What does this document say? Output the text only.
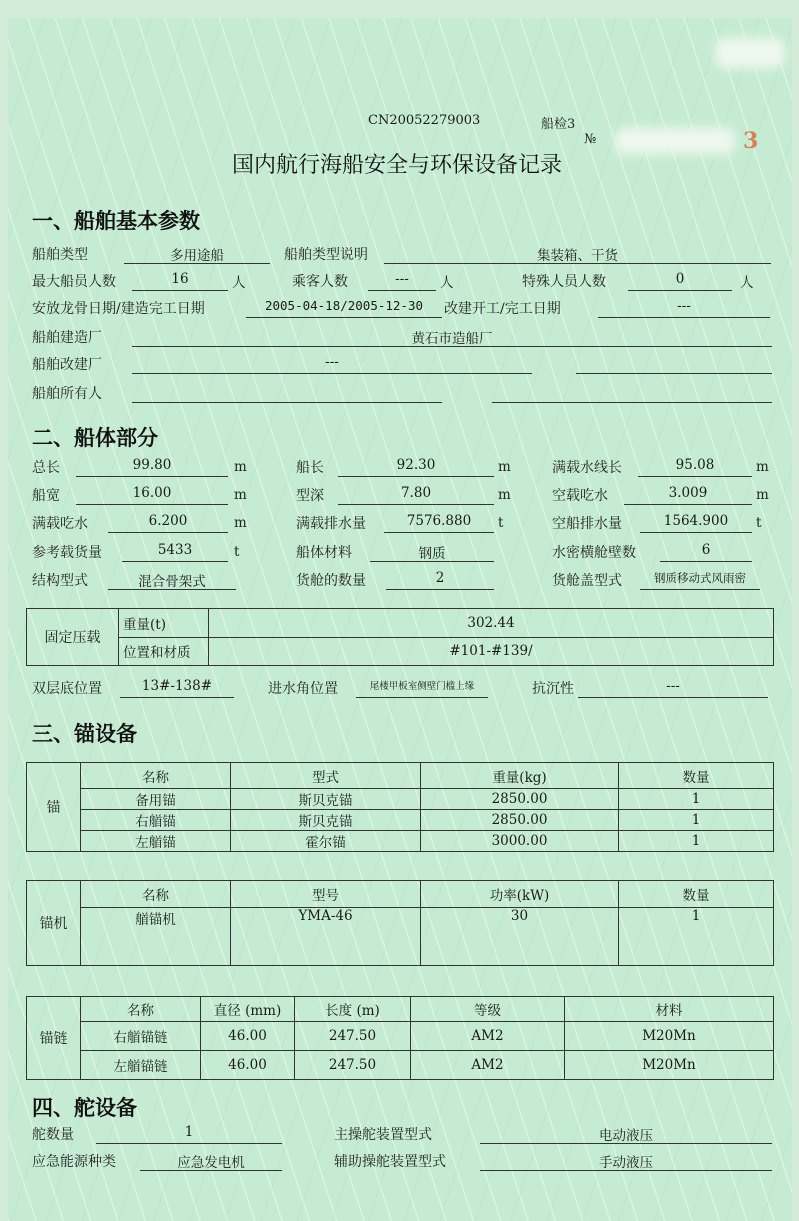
CN20052279003	船检3
№	3
国内航行海船安全与环保设备记录
一、船舶基本参数
船舶类型	多用途船	船舶类型说明	集装箱、干货
最大船员人数	16	人	乘客人数	---	人	特殊人员人数	0	人
安放龙骨日期/建造完工日期	2005-04-18/2005-12-30	改建开工/完工日期	---
船舶建造厂	黄石市造船厂
船舶改建厂	---
船舶所有人
二、船体部分
总长	99.80	m	船长	92.30	m	满载水线长	95.08	m
船宽	16.00	m	型深	7.80	m	空载吃水	3.009	m
满载吃水	6.200	m	满载排水量	7576.880	t	空船排水量	1564.900	t
参考载货量	5433	t	船体材料	钢质	水密横舱壁数	6
结构型式	混合骨架式	货舱的数量	2	货舱盖型式	钢质移动式风雨密
固定压载	重量(t)	302.44
	位置和材质	#101-#139/
双层底位置	13#-138#	进水角位置	尾楼甲板室侧壁门槛上缘	抗沉性	---
三、锚设备
锚	名称	型式	重量(kg)	数量
	备用锚	斯贝克锚	2850.00	1
	右艏锚	斯贝克锚	2850.00	1
	左艏锚	霍尔锚	3000.00	1
锚机	名称	型号	功率(kW)	数量
	艏锚机	YMA-46	30	1
锚链	名称	直径 (mm)	长度 (m)	等级	材料
	右艏锚链	46.00	247.50	AM2	M20Mn
	左艏锚链	46.00	247.50	AM2	M20Mn
四、舵设备
舵数量	1	主操舵装置型式	电动液压
应急能源种类	应急发电机	辅助操舵装置型式	手动液压
